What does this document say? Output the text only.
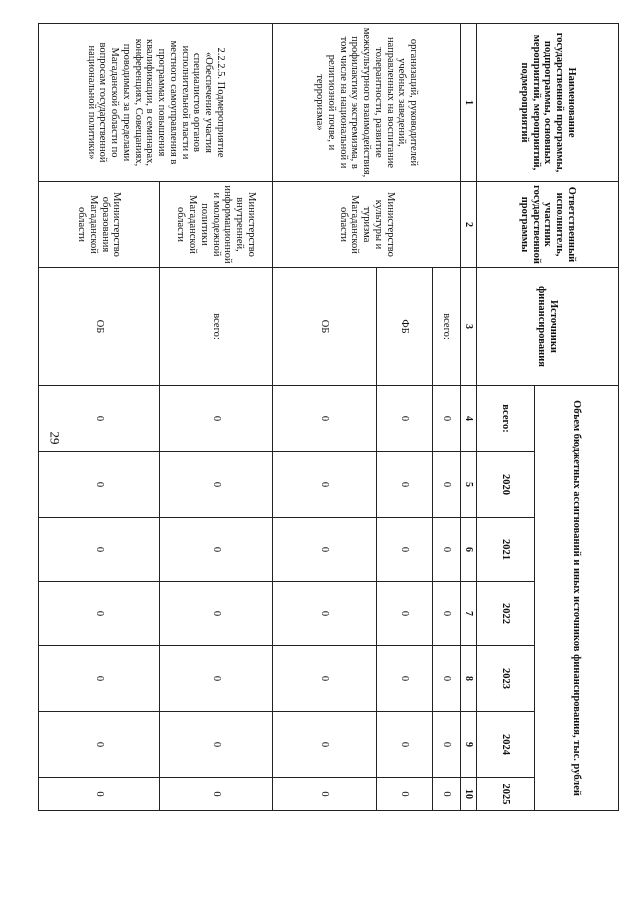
29
Наименование государственной программы, подпрограммы, основных мероприятий, мероприятий, подмероприятий	Ответственный исполнитель, участник государственной программы	Источники финансирования	Объем бюджетных ассигнований и иных источников финансирования, тыс. рублей						
			всего:	2020	2021	2022	2023	2024	2025
1	2	3	4	5	6	7	8	9	10
организаций, руководителей учебных заведений, направленных на воспитание толерантности, развитие межкультурного взаимодействия, профилактику экстремизма, в том числе на национальной и религиозной почве, и терроризма»	Министерство культуры и туризма Магаданской области	всего:	0	0	0	0	0	0	0
		ФБ	0	0	0	0	0	0	0
		ОБ	0	0	0	0	0	0	0
2.2.2.5. Подмероприятие «Обеспечение участия специалистов органов исполнительной власти и местного самоуправления в программах повышения квалификации, в семинарах, конференциях, Совещаниях, проводимых за пределами Магаданской области по вопросам государственной национальной политики»	Министерство внутренней, информационной и молодежной политики Магаданской области	всего:	0	0	0	0	0	0	0
	Министерство образования Магаданской области	ОБ	0	0	0	0	0	0	0
